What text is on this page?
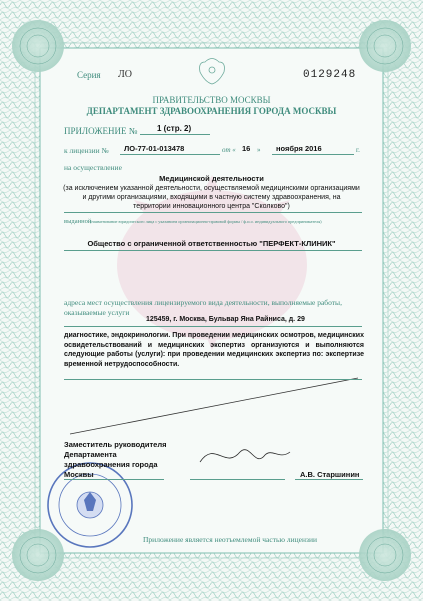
Серия ЛО	0129248
ПРАВИТЕЛЬСТВО МОСКВЫ
ДЕПАРТАМЕНТ ЗДРАВООХРАНЕНИЯ ГОРОДА МОСКВЫ
ПРИЛОЖЕНИЕ № 1 (стр. 2)
к лицензии № ЛО-77-01-013478	от « 16 » ноября 2016	г.
на осуществление
Медицинской деятельности
(за исключением указанной деятельности, осуществляемой медицинскими организациями
и другими организациями, входящими в частную систему здравоохранения, на
территории инновационного центра "Сколково")
выданной
(наименование юридического лица с указанием организационно-правовой формы / ф.и.о. индивидуального предпринимателя)
Общество с ограниченной ответственностью "ПЕРФЕКТ-КЛИНИК"
адреса мест осуществления лицензируемого вида деятельности, выполняемые работы,
оказываемые услуги
125459, г. Москва, Бульвар Яна Райниса, д. 29
диагностике, эндокринологии. При проведении медицинских осмотров, медицинских освидетельствований и медицинских экспертиз организуются и выполняются следующие работы (услуги): при проведении медицинских экспертиз по: экспертизе временной нетрудоспособности.
Заместитель руководителя
Департамента
здравоохранения города
Москвы	А.В. Старшинин
Приложение является неотъемлемой частью лицензии
